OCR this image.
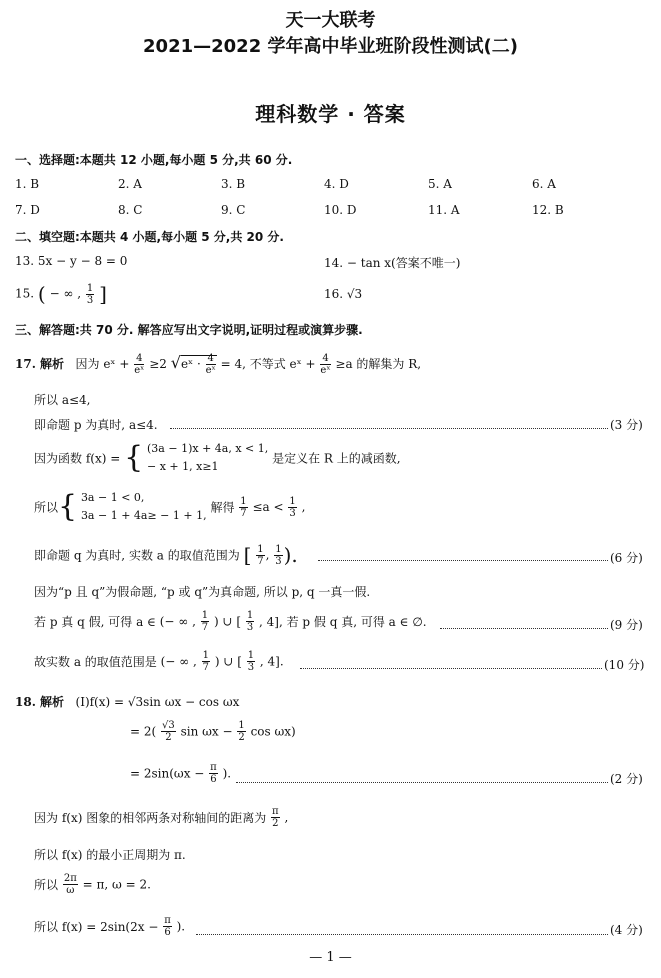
天一大联考
2021—2022 学年高中毕业班阶段性测试(二)
理科数学 · 答案
一、选择题:本题共 12 小题,每小题 5 分,共 60 分.
1. B	2. A	3. B	4. D	5. A	6. A
7. D	8. C	9. C	10. D	11. A	12. B
二、填空题:本题共 4 小题,每小题 5 分,共 20 分.
13. 5x − y − 8 = 0	14. − tan x(答案不唯一)
15. ( − ∞ , $\frac{1}{3}$ ]	16. √3
三、解答题:共 70 分. 解答应写出文字说明,证明过程或演算步骤.
17. 解析 因为 eˣ + $\frac{4}{\text{eˣ}} \ge 2$ √eˣ · $\frac{4}{\text{eˣ}} = 4$, 不等式 eˣ + $\frac{4}{\text{eˣ}} \ge a$ 的解集为 R,
所以 a≤4,
即命题 p 为真时, a≤4.	(3 分)
因为函数 f(x) = { (3a − 1)x + 4a, x < 1,
− x + 1, x≥1
是定义在 R 上的减函数,
所以{ 3a − 1 < 0,
3a − 1 + 4a≥ − 1 + 1,
解得 $\frac{1}{7} \le a < \frac{1}{3}$ ,
即命题 q 为真时, 实数 a 的取值范围为 [ $\frac{1}{7}$ , $\frac{1}{3}$ ).	(6 分)
因为“p 且 q”为假命题, “p 或 q”为真命题, 所以 p, q 一真一假.
若 p 真 q 假, 可得 a ∈ (− ∞ , $\frac{1}{7}$ ) ∪ [ $\frac{1}{3}$ , 4], 若 p 假 q 真, 可得 a ∈ ∅.	(9 分)
故实数 a 的取值范围是 (− ∞ , $\frac{1}{7}$ ) ∪ [ $\frac{1}{3}$ , 4].	(10 分)
18. 解析 (Ⅰ)f(x) = √3sin ωx − cos ωx
= $2( \frac{√3}{2}$ $\sin \omega x - \frac{1}{2}$ cos ωx)
= $2\sin(\omega x - \frac{\pi}{6}$ ).	(2 分)
因为 f(x) 图象的相邻两条对称轴间的距离为 $\frac{\pi}{2}$ ,
所以 f(x) 的最小正周期为 π.
所以 $\frac{2\pi}{\omega} = \pi$, ω = 2.
所以 $f(x) = 2\sin(2x - \frac{\pi}{6}$ ).	(4 分)
— 1 —
